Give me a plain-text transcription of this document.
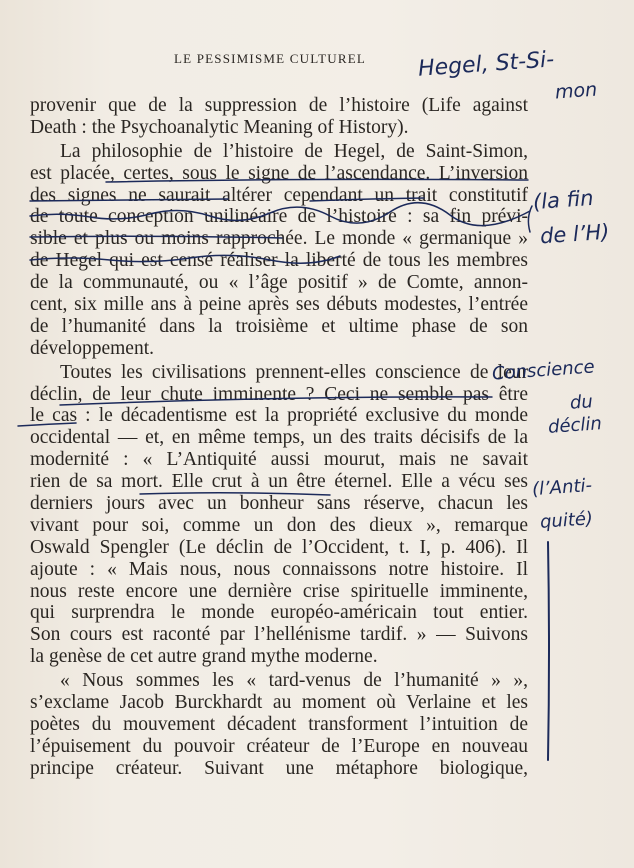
LE PESSIMISME CULTUREL
provenir que de la suppression de l’histoire (Life against
Death : the Psychoanalytic Meaning of History).
La philosophie de l’histoire de Hegel, de Saint-Simon,
est placée, certes, sous le signe de l’ascendance. L’inversion
des signes ne saurait altérer cependant un trait constitutif
de toute conception unilinéaire de l’histoire : sa fin prévi-
sible et plus ou moins rapprochée. Le monde « germanique »
de Hegel qui est censé réaliser la liberté de tous les membres
de la communauté, ou « l’âge positif » de Comte, annon-
cent, six mille ans à peine après ses débuts modestes, l’entrée
de l’humanité dans la troisième et ultime phase de son
développement.
Toutes les civilisations prennent-elles conscience de leur
déclin, de leur chute imminente ? Ceci ne semble pas être
le cas : le décadentisme est la propriété exclusive du monde
occidental — et, en même temps, un des traits décisifs de la
modernité : « L’Antiquité aussi mourut, mais ne savait
rien de sa mort. Elle crut à un être éternel. Elle a vécu ses
derniers jours avec un bonheur sans réserve, chacun les
vivant pour soi, comme un don des dieux », remarque
Oswald Spengler (Le déclin de l’Occident, t. I, p. 406). Il
ajoute : « Mais nous, nous connaissons notre histoire. Il
nous reste encore une dernière crise spirituelle imminente,
qui surprendra le monde européo-américain tout entier.
Son cours est raconté par l’hellénisme tardif. » — Suivons
la genèse de cet autre grand mythe moderne.
« Nous sommes les « tard-venus de l’humanité » »,
s’exclame Jacob Burckhardt au moment où Verlaine et les
poètes du mouvement décadent transforment l’intuition de
l’épuisement du pouvoir créateur de l’Europe en nouveau
principe créateur. Suivant une métaphore biologique,
Hegel, St-Si-
mon
(la fin
de l’H)
Conscience
du
déclin
(l’Anti-
quité)
